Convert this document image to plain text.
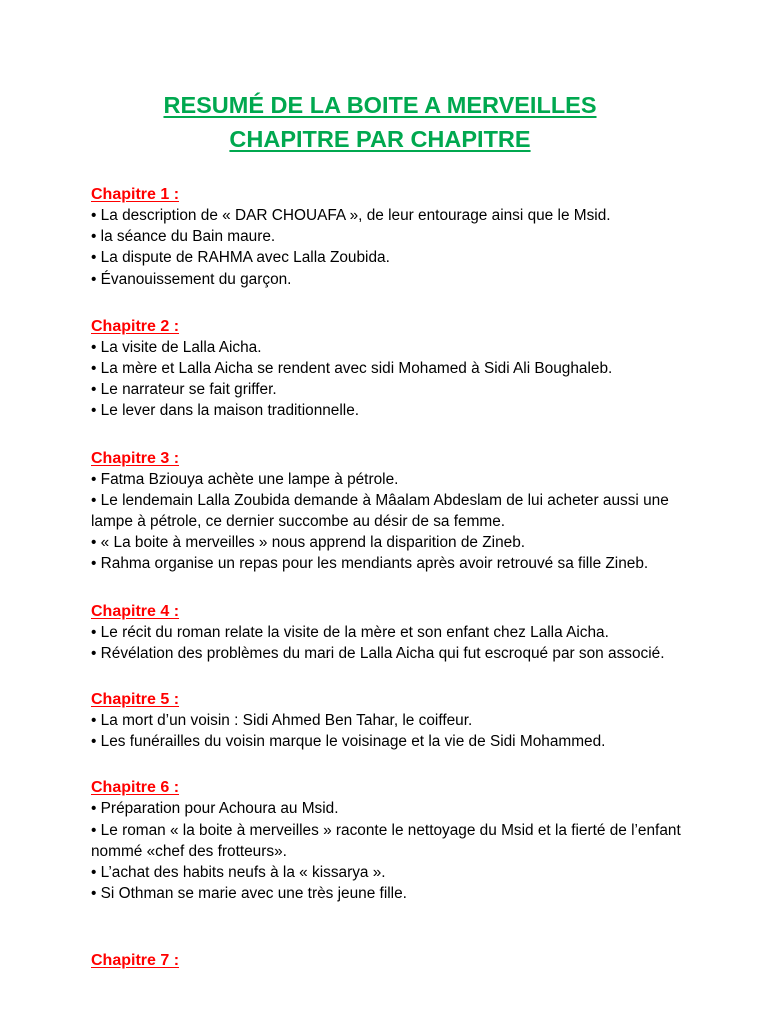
RESUMÉ DE LA BOITE A MERVEILLES
CHAPITRE PAR CHAPITRE
Chapitre 1 :
• La description de « DAR CHOUAFA », de leur entourage ainsi que le Msid.
• la séance du Bain maure.
• La dispute de RAHMA avec Lalla Zoubida.
• Évanouissement du garçon.
Chapitre 2 :
• La visite de Lalla Aicha.
• La mère et Lalla Aicha se rendent avec sidi Mohamed à Sidi Ali Boughaleb.
• Le narrateur se fait griffer.
• Le lever dans la maison traditionnelle.
Chapitre 3 :
• Fatma Bziouya achète une lampe à pétrole.
• Le lendemain Lalla Zoubida demande à Mâalam Abdeslam de lui acheter aussi une lampe à pétrole, ce dernier succombe au désir de sa femme.
• « La boite à merveilles » nous apprend la disparition de Zineb.
• Rahma organise un repas pour les mendiants après avoir retrouvé sa fille Zineb.
Chapitre 4 :
• Le récit du roman relate la visite de la mère et son enfant chez Lalla Aicha.
• Révélation des problèmes du mari de Lalla Aicha qui fut escroqué par son associé.
Chapitre 5 :
• La mort d’un voisin : Sidi Ahmed Ben Tahar, le coiffeur.
• Les funérailles du voisin marque le voisinage et la vie de Sidi Mohammed.
Chapitre 6 :
• Préparation pour Achoura au Msid.
• Le roman « la boite à merveilles » raconte le nettoyage du Msid et la fierté de l’enfant nommé «chef des frotteurs».
• L’achat des habits neufs à la « kissarya ».
• Si Othman se marie avec une très jeune fille.
Chapitre 7 :
